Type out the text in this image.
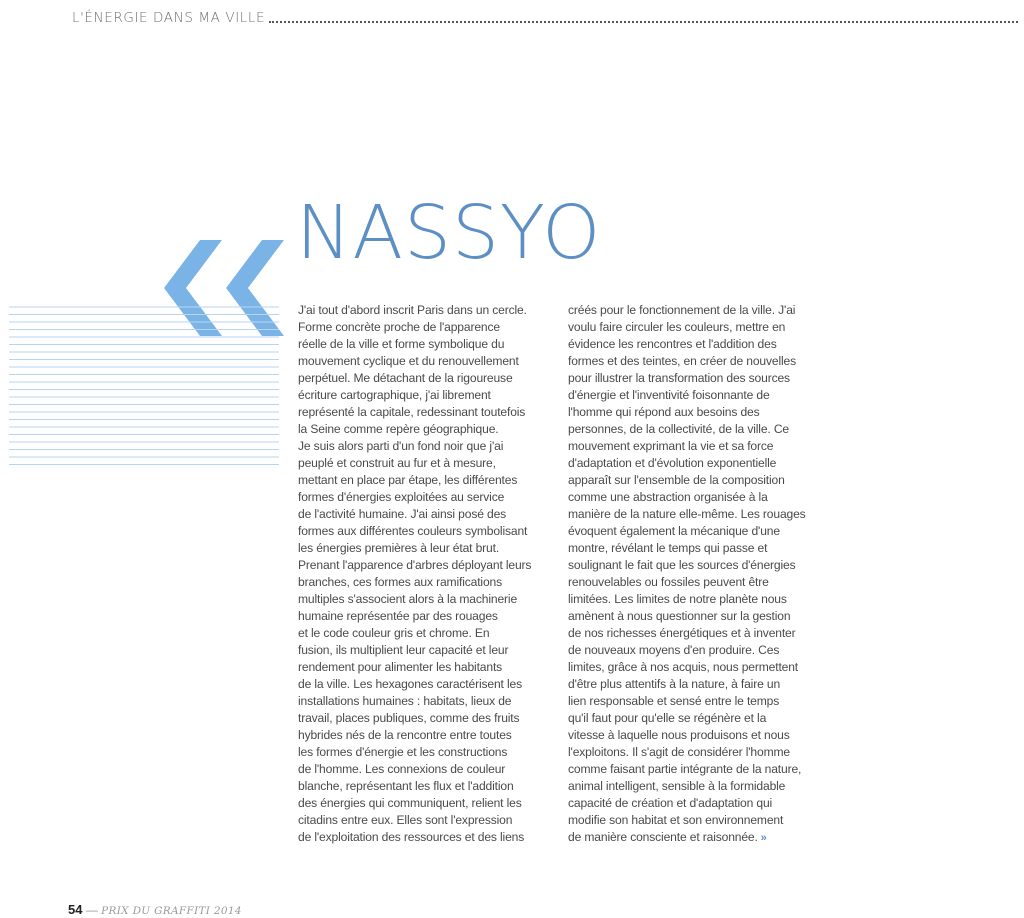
L'ÉNERGIE DANS MA VILLE
NASSYO

J'ai tout d'abord inscrit Paris dans un cercle.

Forme concrète proche de l'apparence

réelle de la ville et forme symbolique du

mouvement cyclique et du renouvellement

perpétuel. Me détachant de la rigoureuse

écriture cartographique, j'ai librement

représenté la capitale, redessinant toutefois

la Seine comme repère géographique.

Je suis alors parti d'un fond noir que j'ai

peuplé et construit au fur et à mesure,

mettant en place par étape, les différentes

formes d'énergies exploitées au service

de l'activité humaine. J'ai ainsi posé des

formes aux différentes couleurs symbolisant

les énergies premières à leur état brut.

Prenant l'apparence d'arbres déployant leurs

branches, ces formes aux ramifications

multiples s'associent alors à la machinerie

humaine représentée par des rouages

et le code couleur gris et chrome. En

fusion, ils multiplient leur capacité et leur

rendement pour alimenter les habitants

de la ville. Les hexagones caractérisent les

installations humaines : habitats, lieux de

travail, places publiques, comme des fruits

hybrides nés de la rencontre entre toutes

les formes d'énergie et les constructions

de l'homme. Les connexions de couleur

blanche, représentant les flux et l'addition

des énergies qui communiquent, relient les

citadins entre eux. Elles sont l'expression

de l'exploitation des ressources et des liens

créés pour le fonctionnement de la ville. J'ai

voulu faire circuler les couleurs, mettre en

évidence les rencontres et l'addition des

formes et des teintes, en créer de nouvelles

pour illustrer la transformation des sources

d'énergie et l'inventivité foisonnante de

l'homme qui répond aux besoins des

personnes, de la collectivité, de la ville. Ce

mouvement exprimant la vie et sa force

d'adaptation et d'évolution exponentielle

apparaît sur l'ensemble de la composition

comme une abstraction organisée à la

manière de la nature elle-même. Les rouages

évoquent également la mécanique d'une

montre, révélant le temps qui passe et

soulignant le fait que les sources d'énergies

renouvelables ou fossiles peuvent être

limitées. Les limites de notre planète nous

amènent à nous questionner sur la gestion

de nos richesses énergétiques et à inventer

de nouveaux moyens d'en produire. Ces

limites, grâce à nos acquis, nous permettent

d'être plus attentifs à la nature, à faire un

lien responsable et sensé entre le temps

qu'il faut pour qu'elle se régénère et la

vitesse à laquelle nous produisons et nous

l'exploitons. Il s'agit de considérer l'homme

comme faisant partie intégrante de la nature,

animal intelligent, sensible à la formidable

capacité de création et d'adaptation qui

modifie son habitat et son environnement

de manière consciente et raisonnée. »

54 — PRIX DU GRAFFITI 2014
